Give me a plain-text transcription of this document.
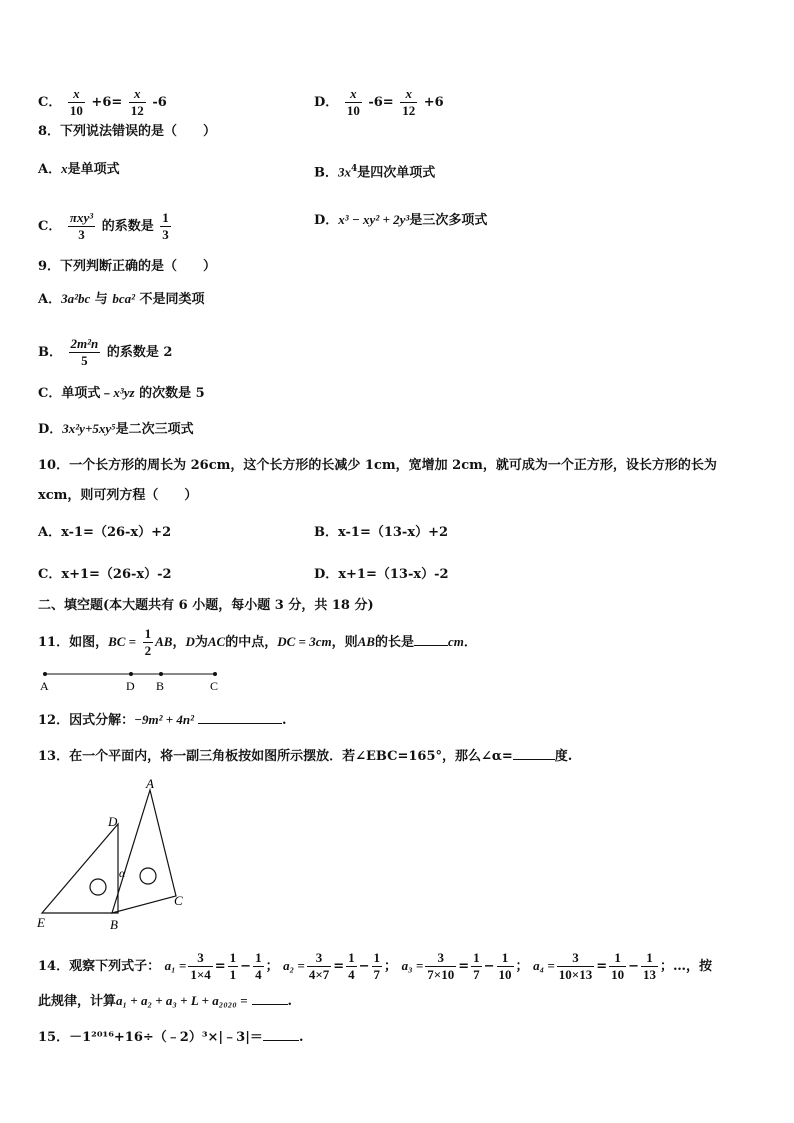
C． $\frac{x}{10} +6= \frac{x}{12} -6$	D． $\frac{x}{10} -6= \frac{x}{12} +6$
8．下列说法错误的是（　　）
A．x是单项式	B．$3x^4$是四次单项式
C． $\frac{\text{πxy³}}{3}$ 的系数是 $\frac{1}{3}$	D．x³ − xy² + 2y³是三次多项式
9．下列判断正确的是（　　）
A．3a²bc 与 bca² 不是同类项
B． $\frac{\text{2m²n}}{5}$ 的系数是 2
C．单项式﹣x³yz 的次数是 5
D．3x²y+5xy⁵是二次三项式
10．一个长方形的周长为 26cm，这个长方形的长减少 1cm，宽增加 2cm，就可成为一个正方形，设长方形的长为
xcm，则可列方程（　　）
A．x-1=（26-x）+2	B．x-1=（13-x）+2
C．x+1=（26-x）-2	D．x+1=（13-x）-2
二、填空题(本大题共有 6 小题，每小题 3 分，共 18 分)
11．如图，BC = $\frac{1}{2}$ AB，D为AC的中点，DC = 3cm，则AB的长是	cm．
A	D B	C
12．因式分解：−9m² + 4n²	.
13．在一个平面内，将一副三角板按如图所示摆放．若∠EBC=165°，那么∠α=	度.
A
D
α
E	B
C
14．观察下列式子： $a_1 = \frac{3}{1\times 4} = \frac{1}{1} - \frac{1}{4}$ ； $a_2 = \frac{3}{4\times 7} = \frac{1}{4} - \frac{1}{7}$ ； $a_3 = \frac{3}{7\times 10} = \frac{1}{7} - \frac{1}{10}$ ； $a_4 = \frac{3}{10\times 13} = \frac{1}{10} - \frac{1}{13}$ ；…，按
此规律，计算a₁ + a₂ + a₃ + L + a₂₀₂₀ =	.
15．－1²⁰¹⁶+16÷（﹣2）³×|﹣3|＝	.
